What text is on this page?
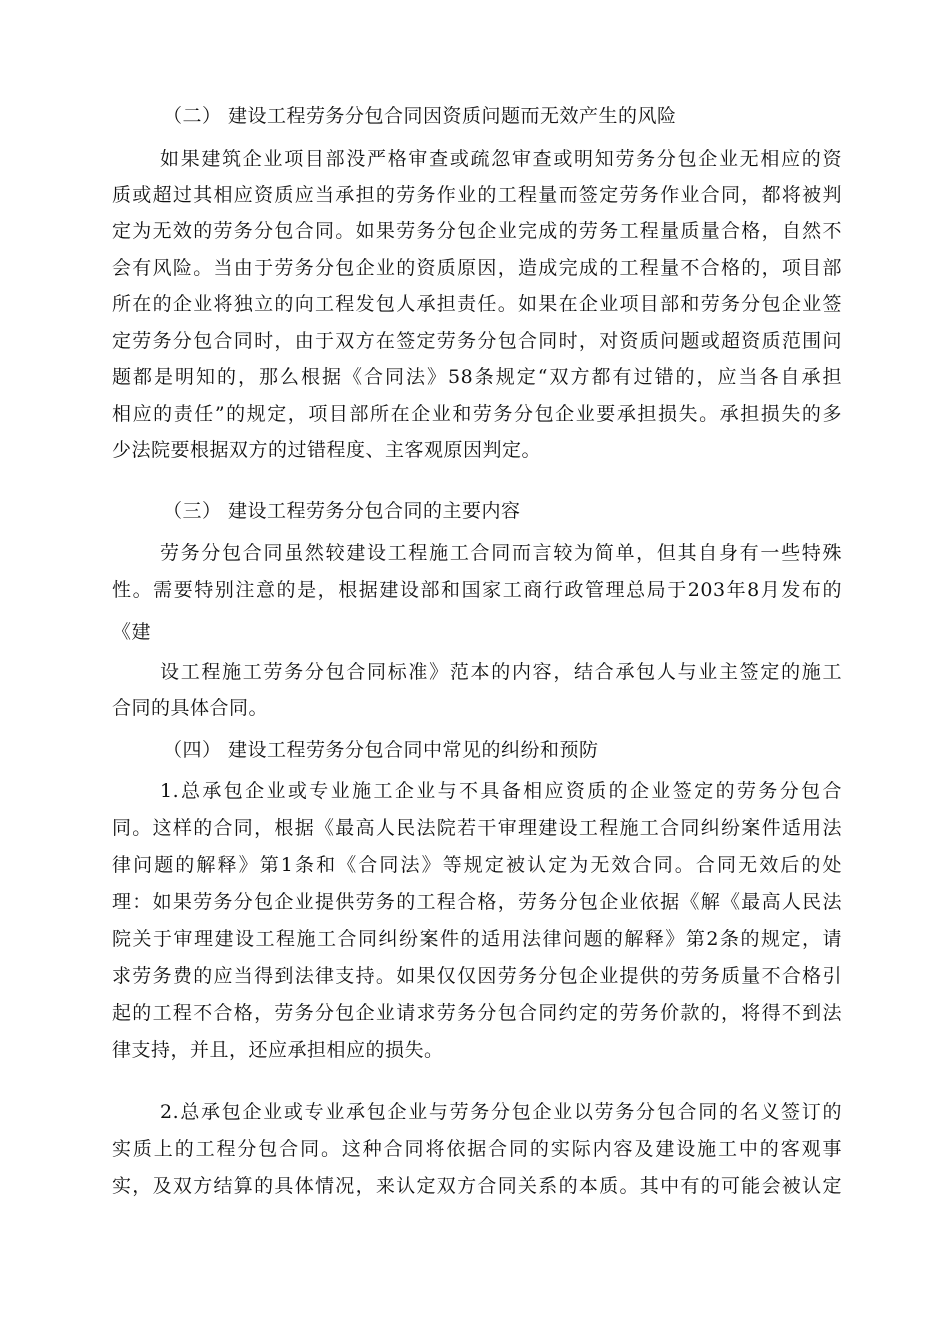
（二） 建设工程劳务分包合同因资质问题而无效产生的风险
如果建筑企业项目部没严格审查或疏忽审查或明知劳务分包企业无相应的资
质或超过其相应资质应当承担的劳务作业的工程量而签定劳务作业合同，都将被判
定为无效的劳务分包合同。如果劳务分包企业完成的劳务工程量质量合格，自然不
会有风险。当由于劳务分包企业的资质原因，造成完成的工程量不合格的，项目部
所在的企业将独立的向工程发包人承担责任。如果在企业项目部和劳务分包企业签
定劳务分包合同时，由于双方在签定劳务分包合同时，对资质问题或超资质范围问
题都是明知的，那么根据《合同法》58条规定“双方都有过错的，应当各自承担
相应的责任”的规定，项目部所在企业和劳务分包企业要承担损失。承担损失的多
少法院要根据双方的过错程度、主客观原因判定。
（三） 建设工程劳务分包合同的主要内容
劳务分包合同虽然较建设工程施工合同而言较为简单，但其自身有一些特殊
性。需要特别注意的是，根据建设部和国家工商行政管理总局于203年8月发布的
《建
设工程施工劳务分包合同标准》范本的内容，结合承包人与业主签定的施工
合同的具体合同。
（四） 建设工程劳务分包合同中常见的纠纷和预防
1.总承包企业或专业施工企业与不具备相应资质的企业签定的劳务分包合
同。这样的合同，根据《最高人民法院若干审理建设工程施工合同纠纷案件适用法
律问题的解释》第1条和《合同法》等规定被认定为无效合同。合同无效后的处
理：如果劳务分包企业提供劳务的工程合格，劳务分包企业依据《解《最高人民法
院关于审理建设工程施工合同纠纷案件的适用法律问题的解释》第2条的规定，请
求劳务费的应当得到法律支持。如果仅仅因劳务分包企业提供的劳务质量不合格引
起的工程不合格，劳务分包企业请求劳务分包合同约定的劳务价款的，将得不到法
律支持，并且，还应承担相应的损失。
2.总承包企业或专业承包企业与劳务分包企业以劳务分包合同的名义签订的
实质上的工程分包合同。这种合同将依据合同的实际内容及建设施工中的客观事
实，及双方结算的具体情况，来认定双方合同关系的本质。其中有的可能会被认定
